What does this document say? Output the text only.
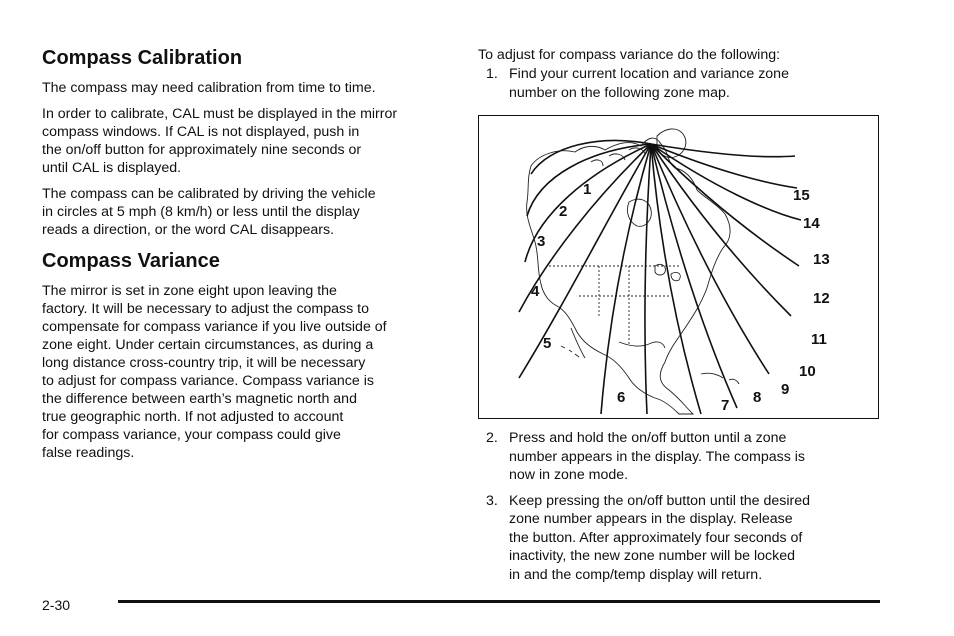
Compass Calibration

The compass may need calibration from time to time.

In order to calibrate, CAL must be displayed in the mirror
compass windows. If CAL is not displayed, push in
the on/off button for approximately nine seconds or
until CAL is displayed.

The compass can be calibrated by driving the vehicle
in circles at 5 mph (8 km/h) or less until the display
reads a direction, or the word CAL disappears.

Compass Variance

The mirror is set in zone eight upon leaving the
factory. It will be necessary to adjust the compass to
compensate for compass variance if you live outside of
zone eight. Under certain circumstances, as during a
long distance cross-country trip, it will be necessary
to adjust for compass variance. Compass variance is
the difference between earth’s magnetic north and
true geographic north. If not adjusted to account
for compass variance, your compass could give
false readings.

To adjust for compass variance do the following:
1. Find your current location and variance zone
number on the following zone map.
1
2
3
4
5
6	7 8 9
10
11
12
13
14
15
2. Press and hold the on/off button until a zone
number appears in the display. The compass is
now in zone mode.
3. Keep pressing the on/off button until the desired
zone number appears in the display. Release
the button. After approximately four seconds of
inactivity, the new zone number will be locked
in and the comp/temp display will return.
2-30
